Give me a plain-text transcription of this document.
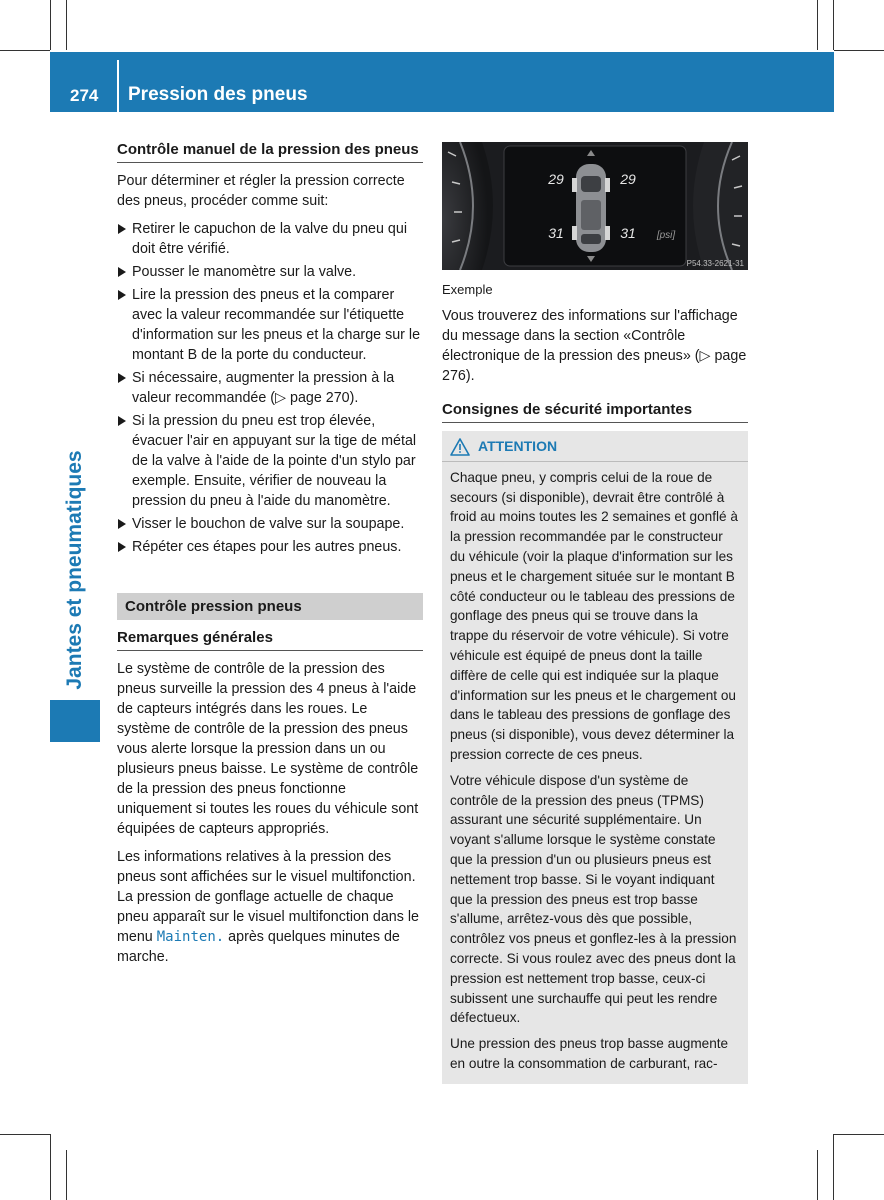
274 Pression des pneus
Jantes et pneumatiques
Contrôle manuel de la pression des pneus

Pour déterminer et régler la pression correcte des pneus, procéder comme suit:

Retirer le capuchon de la valve du pneu qui doit être vérifié.
Pousser le manomètre sur la valve.
Lire la pression des pneus et la comparer avec la valeur recommandée sur l'étiquette d'information sur les pneus et la charge sur le montant B de la porte du conducteur.
Si nécessaire, augmenter la pression à la valeur recommandée (▷ page 270).
Si la pression du pneu est trop élevée, évacuer l'air en appuyant sur la tige de métal de la valve à l'aide de la pointe d'un stylo par exemple. Ensuite, vérifier de nouveau la pression du pneu à l'aide du manomètre.
Visser le bouchon de valve sur la soupape.
Répéter ces étapes pour les autres pneus.
Contrôle pression pneus
Remarques générales

Le système de contrôle de la pression des pneus surveille la pression des 4 pneus à l'aide de capteurs intégrés dans les roues. Le système de contrôle de la pression des pneus vous alerte lorsque la pression dans un ou plusieurs pneus baisse. Le système de contrôle de la pression des pneus fonctionne uniquement si toutes les roues du véhicule sont équipées de capteurs appropriés.

Les informations relatives à la pression des pneus sont affichées sur le visuel multifonction. La pression de gonflage actuelle de chaque pneu apparaît sur le visuel multifonction dans le menu Mainten. après quelques minutes de marche.

29	29
31	31 [psi]
P54.33-2621-31
Exemple

Vous trouverez des informations sur l'affichage du message dans la section «Contrôle électronique de la pression des pneus» (▷ page 276).

Consignes de sécurité importantes
ATTENTION

Chaque pneu, y compris celui de la roue de secours (si disponible), devrait être contrôlé à froid au moins toutes les 2 semaines et gonflé à la pression recommandée par le constructeur du véhicule (voir la plaque d'information sur les pneus et le chargement située sur le montant B côté conducteur ou le tableau des pressions de gonflage des pneus qui se trouve dans la trappe du réservoir de votre véhicule). Si votre véhicule est équipé de pneus dont la taille diffère de celle qui est indiquée sur la plaque d'information sur les pneus et le chargement ou dans le tableau des pressions de gonflage des pneus (si disponible), vous devez déterminer la pression correcte de ces pneus.

Votre véhicule dispose d'un système de contrôle de la pression des pneus (TPMS) assurant une sécurité supplémentaire. Un voyant s'allume lorsque le système constate que la pression d'un ou plusieurs pneus est nettement trop basse. Si le voyant indiquant que la pression des pneus est trop basse s'allume, arrêtez-vous dès que possible, contrôlez vos pneus et gonflez-les à la pression correcte. Si vous roulez avec des pneus dont la pression est nettement trop basse, ceux-ci subissent une surchauffe qui peut les rendre défectueux.

Une pression des pneus trop basse augmente en outre la consommation de carburant, rac-
